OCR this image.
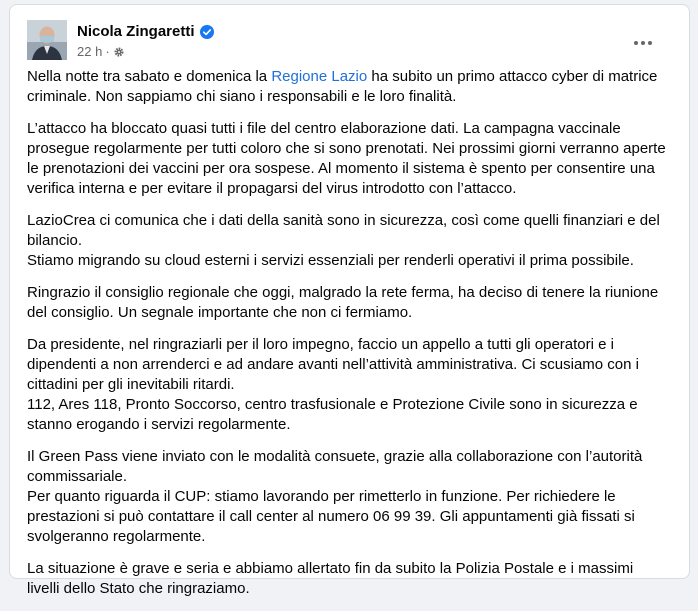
Nicola Zingaretti
22 h ·

Nella notte tra sabato e domenica la Regione Lazio ha subito un primo attacco cyber di matrice criminale. Non sappiamo chi siano i responsabili e le loro finalità.

L’attacco ha bloccato quasi tutti i file del centro elaborazione dati. La campagna vaccinale prosegue regolarmente per tutti coloro che si sono prenotati. Nei prossimi giorni verranno aperte le prenotazioni dei vaccini per ora sospese. Al momento il sistema è spento per consentire una verifica interna e per evitare il propagarsi del virus introdotto con l’attacco.

LazioCrea ci comunica che i dati della sanità sono in sicurezza, così come quelli finanziari e del bilancio.
Stiamo migrando su cloud esterni i servizi essenziali per renderli operativi il prima possibile.

Ringrazio il consiglio regionale che oggi, malgrado la rete ferma, ha deciso di tenere la riunione del consiglio. Un segnale importante che non ci fermiamo.

Da presidente, nel ringraziarli per il loro impegno, faccio un appello a tutti gli operatori e i dipendenti a non arrenderci e ad andare avanti nell’attività amministrativa. Ci scusiamo con i cittadini per gli inevitabili ritardi.
112, Ares 118, Pronto Soccorso, centro trasfusionale e Protezione Civile sono in sicurezza e stanno erogando i servizi regolarmente.

Il Green Pass viene inviato con le modalità consuete, grazie alla collaborazione con l’autorità commissariale.
Per quanto riguarda il CUP: stiamo lavorando per rimetterlo in funzione. Per richiedere le prestazioni si può contattare il call center al numero 06 99 39. Gli appuntamenti già fissati si svolgeranno regolarmente.

La situazione è grave e seria e abbiamo allertato fin da subito la Polizia Postale e i massimi livelli dello Stato che ringraziamo.
